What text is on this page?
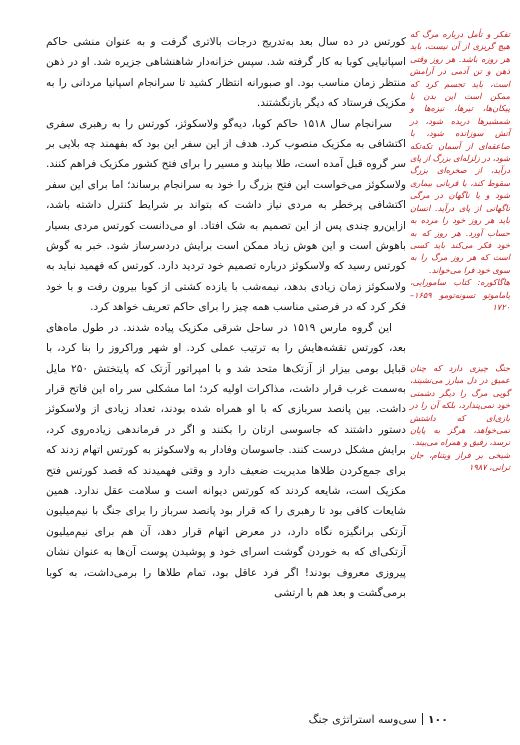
کورتس در ده سال بعد به‌تدریج درجات بالاتری گرفت و به عنوان منشی حاکم اسپانیایی کوبا به کار گرفته شد. سپس خزانه‌دار شاهنشاهی جزیره شد. او در ذهن منتظر زمان مناسب بود. او صبورانه انتظار کشید تا سرانجام اسپانیا مردانی را به مکزیک فرستاد که دیگر بازنگشتند.

سرانجام سال ۱۵۱۸ حاکم کوبا، دیه‌گو ولاسکوئز، کورتس را به رهبری سفری اکتشافی به مکزیک منصوب کرد. هدف از این سفر این بود که بفهمند چه بلایی بر سر گروه قبل آمده است، طلا بیابند و مسیر را برای فتح کشور مکزیک فراهم کنند. ولاسکوئز می‌خواست این فتح بزرگ را خود به سرانجام برساند؛ اما برای این سفر اکتشافی پرخطر به مردی نیاز داشت که بتواند بر شرایط کنترل داشته باشد، ازاین‌رو چندی پس از این تصمیم به شک افتاد. او می‌دانست کورتس مردی بسیار باهوش است و این هوش زیاد ممکن است برایش دردسرساز شود. خبر به گوش کورتس رسید که ولاسکوئز درباره تصمیم خود تردید دارد. کورتس که فهمید نباید به ولاسکوئز زمان زیادی بدهد، نیمه‌شب با یازده کشتی از کوبا بیرون رفت و با خود فکر کرد که در فرصتی مناسب همه چیز را برای حاکم تعریف خواهد کرد.

این گروه مارس ۱۵۱۹ در ساحل شرقی مکزیک پیاده شدند. در طول ماه‌های بعد، کورتس نقشه‌هایش را به ترتیب عملی کرد. او شهر وراکروز را بنا کرد، با قبایل بومی بیزار از آزتک‌ها متحد شد و با امپراتور آزتک که پایتختش ۲۵۰ مایل به‌سمت غرب قرار داشت، مذاکرات اولیه کرد؛ اما مشکلی سر راه این فاتح قرار داشت. بین پانصد سربازی که با او همراه شده بودند، تعداد زیادی از ولاسکوئز دستور داشتند که جاسوسی ارتان را بکنند و اگر در فرماندهی زیاده‌روی کرد، برایش مشکل درست کنند. جاسوسان وفادار به ولاسکوئز به کورتس اتهام زدند که برای جمع‌کردن طلاها مدیریت ضعیف دارد و وقتی فهمیدند که قصد کورتس فتح مکزیک است، شایعه کردند که کورتس دیوانه است و سلامت عقل ندارد. همین شایعات کافی بود تا رهبری را که قرار بود پانصد سرباز را برای جنگ با نیم‌میلیون آزتکی برانگیزه نگاه دارد، در معرض اتهام قرار دهد، آن هم برای نیم‌میلیون آزتکی‌ای که به خوردن گوشت اسرای خود و پوشیدن پوست آن‌ها به عنوان نشان پیروزی معروف بودند! اگر فرد عاقل بود، تمام طلاها را برمی‌داشت، به کوبا برمی‌گشت و بعد هم با ارتشی

تفکر و تأمل درباره مرگ که هیچ گریزی از آن نیست، باید هر روزه باشد. هر روز وقتی ذهن و تن آدمی در آرامش است، باید تجسم کرد که ممکن است این بدن با پیکان‌ها، تیرها، نیزه‌ها و شمشیرها دریده شود، در آتش سوزانده شود، با صاعقه‌ای از آسمان تکه‌تکه شود، در زلزله‌ای بزرگ از پای درآید، از صخره‌ای بزرگ سقوط کند، یا قربانی بیماری شود و یا ناگهان در مرگی ناگهانی از پای درآید. انسان باید هر روز خود را مرده به حساب آورد. هر روز که به خود فکر می‌کند باید کسی است که هر روز مرگ را به سوی خود فرا می‌خواند.
هاگاکوره: کتاب سامورایی، یاماموتو تسونه‌تومو ۱۶۵۹–۱۷۲۰
جنگ چیزی دارد که چنان عمیق در دل مبارز می‌نشیند، گویی مرگ را دیگر دشمنی خود نمی‌پندارد، بلکه آن را در بازی‌ای که داشتش نمی‌خواهد، هرگز به پایان نرسد، رفیق و همراه می‌بیند.
شیخی بر فراز ویتنام، جان ترانی، ۱۹۸۷
۱۰۰سی‌وسه استراتژی جنگ
